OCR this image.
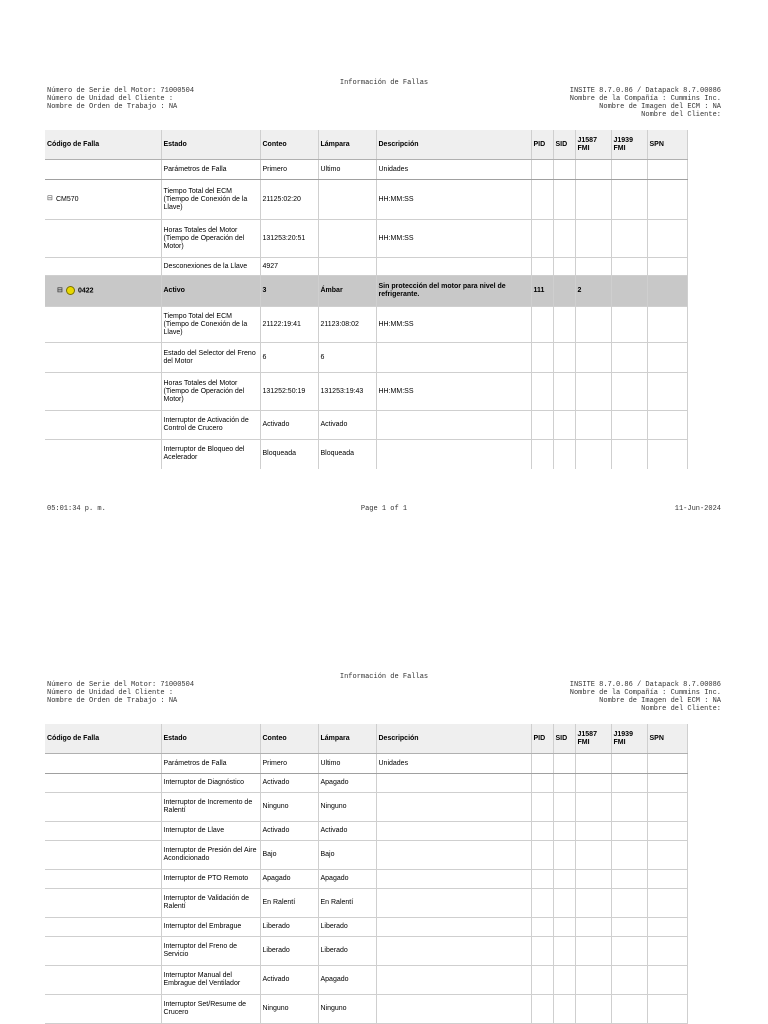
Información de Fallas
Número de Serie del Motor: 71000504
Número de Unidad del Cliente :
Nombre de Orden de Trabajo : NA
INSITE 8.7.0.86 / Datapack 8.7.00086
Nombre de la Compañía : Cummins Inc.
Nombre de Imagen del ECM : NA
Nombre del Cliente:
Código de Falla	Estado	Conteo	Lámpara	Descripción	PID	SID	J1587 FMI	J1939 FMI	SPN
	Parámetros de Falla	Primero	Ultimo	Unidades					
⊟ CM570	Tiempo Total del ECM (Tiempo de Conexión de la Llave)	21125:02:20		HH:MM:SS					
	Horas Totales del Motor (Tiempo de Operación del Motor)	131253:20:51		HH:MM:SS					
	Desconexiones de la Llave	4927							
⊟ 0422	Activo	3	Ámbar	Sin protección del motor para nivel de refrigerante.	111		2		
	Tiempo Total del ECM (Tiempo de Conexión de la Llave)	21122:19:41	21123:08:02	HH:MM:SS					
	Estado del Selector del Freno del Motor	6	6						
	Horas Totales del Motor (Tiempo de Operación del Motor)	131252:50:19	131253:19:43	HH:MM:SS					
	Interruptor de Activación de Control de Crucero	Activado	Activado						
	Interruptor de Bloqueo del Acelerador	Bloqueada	Bloqueada						
05:01:34 p. m.	Page 1 of 1	11-Jun-2024
Información de Fallas
Número de Serie del Motor: 71000504
Número de Unidad del Cliente :
Nombre de Orden de Trabajo : NA
INSITE 8.7.0.86 / Datapack 8.7.00086
Nombre de la Compañía : Cummins Inc.
Nombre de Imagen del ECM : NA
Nombre del Cliente:
Código de Falla	Estado	Conteo	Lámpara	Descripción	PID	SID	J1587 FMI	J1939 FMI	SPN
	Parámetros de Falla	Primero	Ultimo	Unidades					
	Interruptor de Diagnóstico	Activado	Apagado						
	Interruptor de Incremento de Ralentí	Ninguno	Ninguno						
	Interruptor de Llave	Activado	Activado						
	Interruptor de Presión del Aire Acondicionado	Bajo	Bajo						
	Interruptor de PTO Remoto	Apagado	Apagado						
	Interruptor de Validación de Ralentí	En Ralentí	En Ralentí						
	Interruptor del Embrague	Liberado	Liberado						
	Interruptor del Freno de Servicio	Liberado	Liberado						
	Interruptor Manual del Embrague del Ventilador	Activado	Apagado						
	Interruptor Set/Resume de Crucero	Ninguno	Ninguno						
